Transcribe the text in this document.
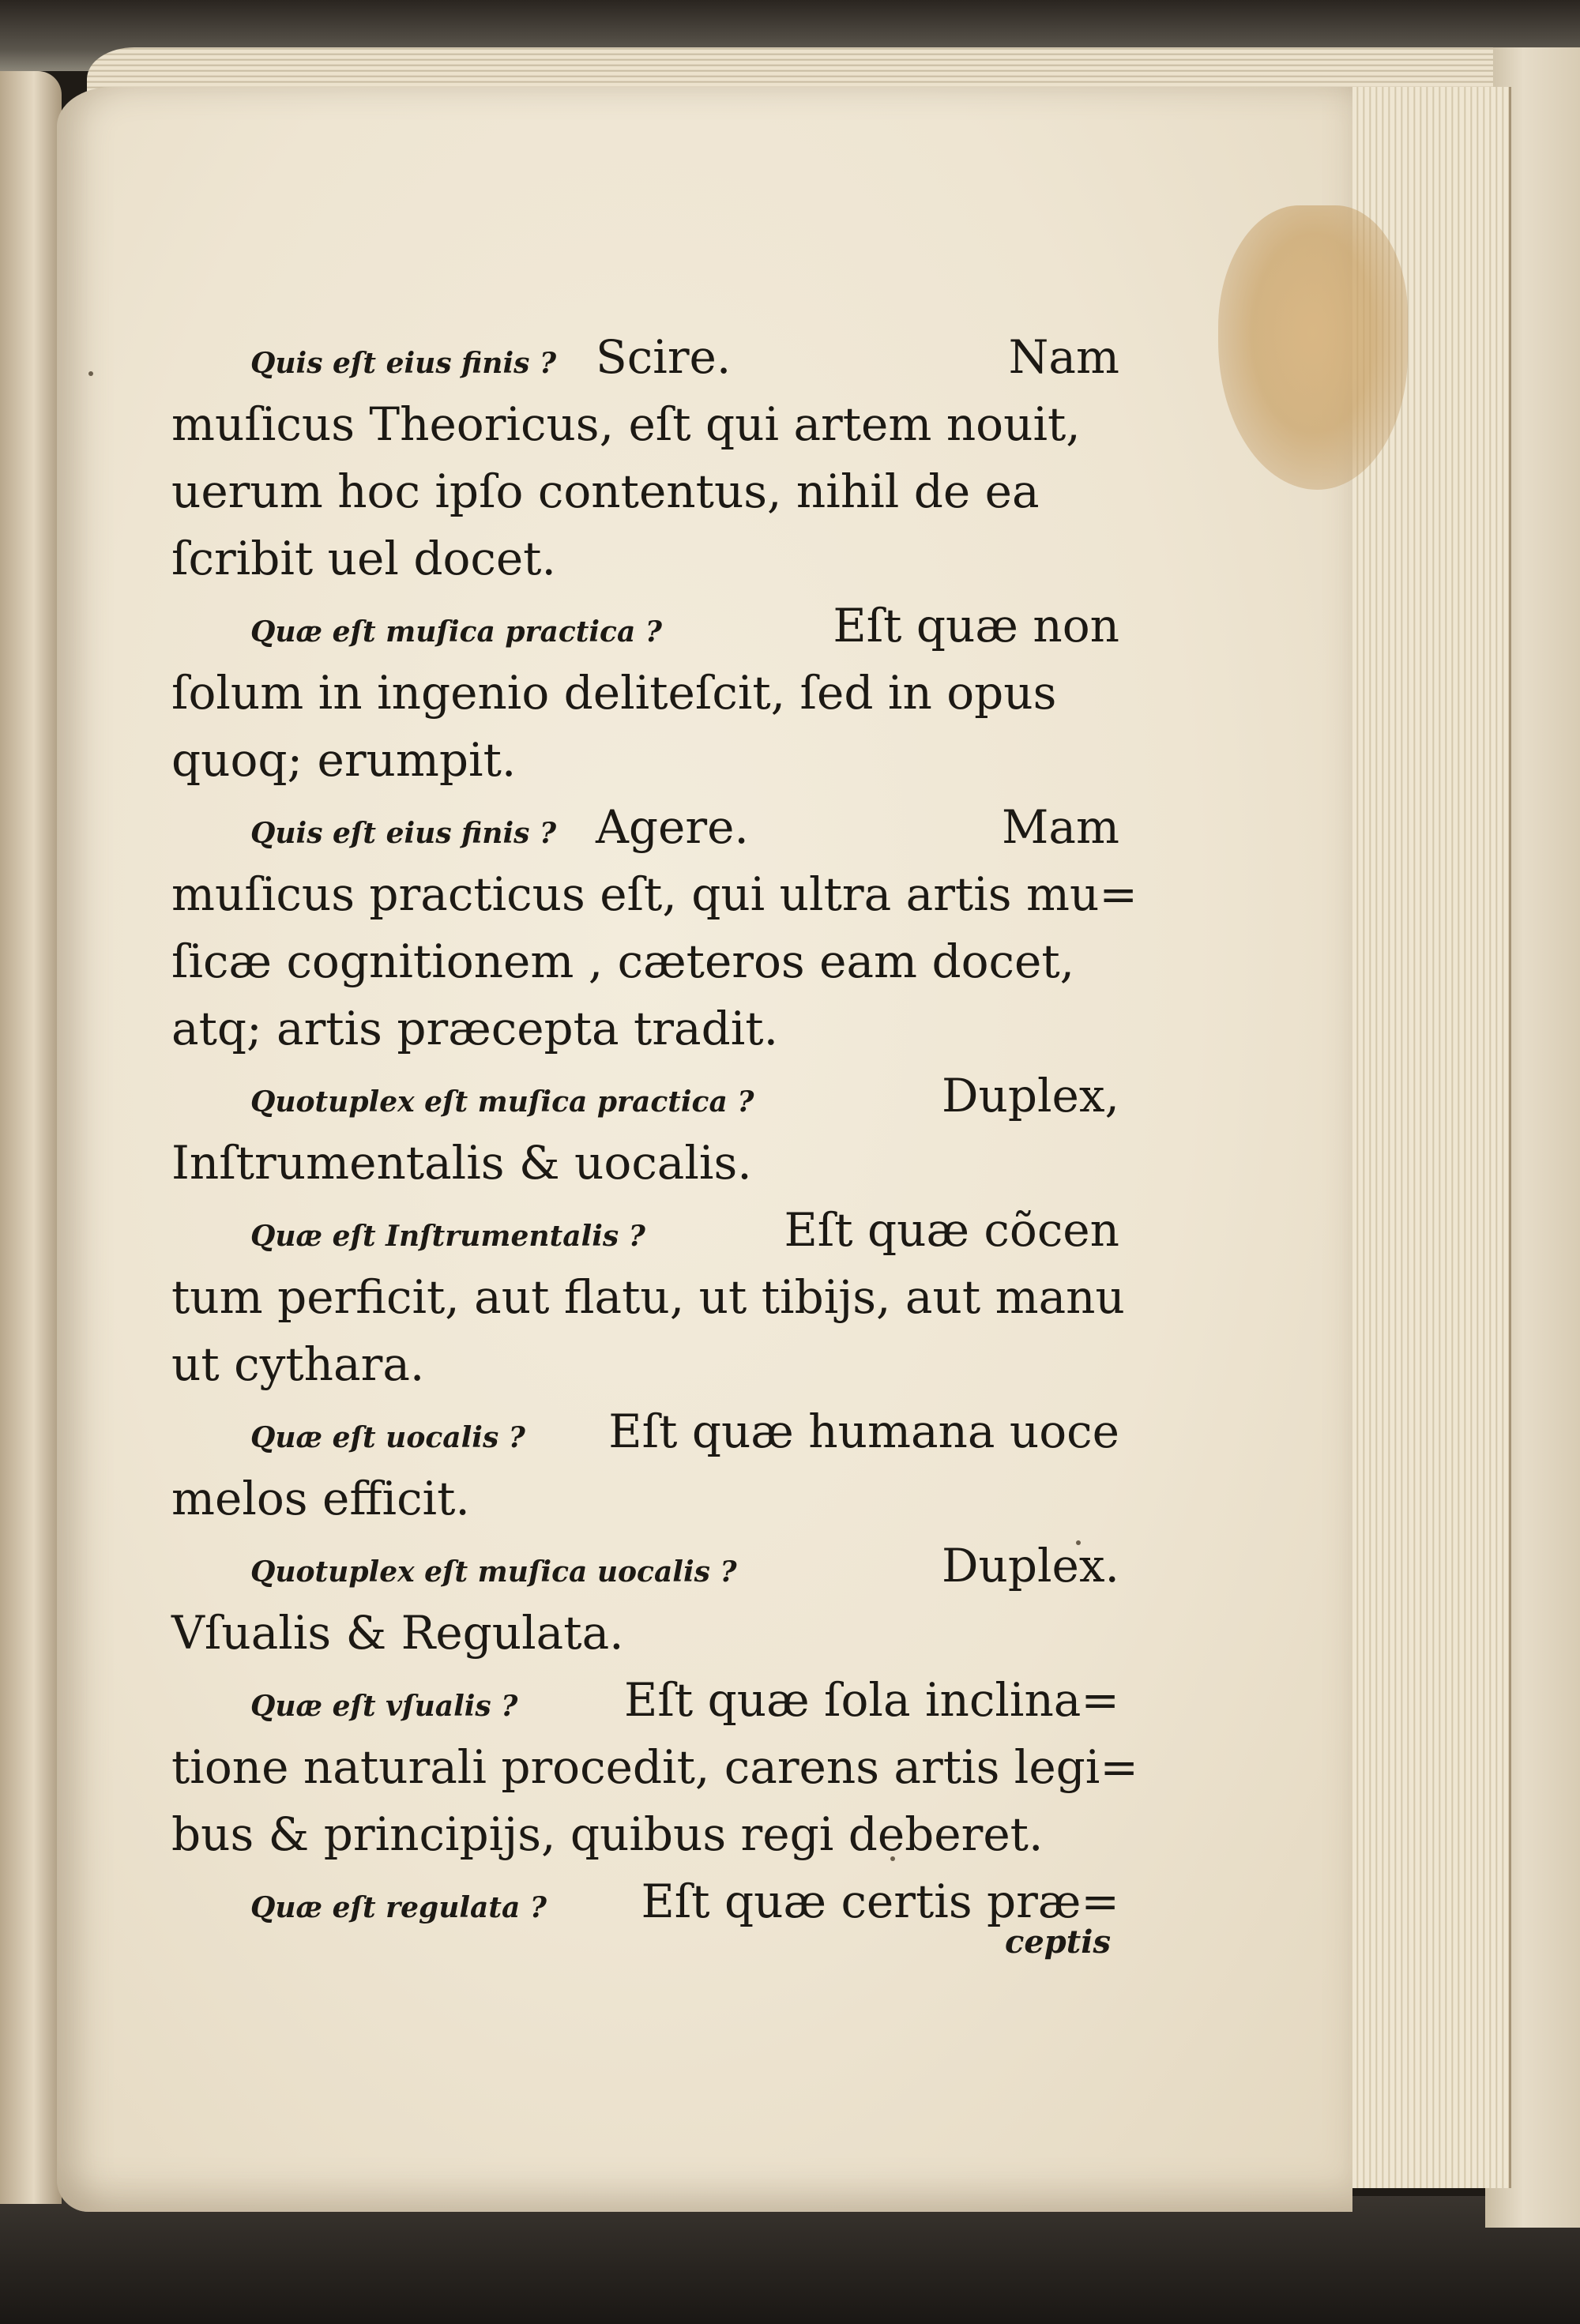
Quis eſt eius finis ? Scire.	Nam
muſicus Theoricus, eſt qui artem nouit,
uerum hoc ipſo contentus, nihil de ea
ſcribit uel docet.
Quæ eſt muſica practica ?	Eſt quæ non
ſolum in ingenio deliteſcit, ſed in opus
quoq; erumpit.
Quis eſt eius finis ? Agere.	Mam
muſicus practicus eſt, qui ultra artis mu=
ſicæ cognitionem , cæteros eam docet,
atq; artis præcepta tradit.
Quotuplex eſt muſica practica ?	Duplex,
Inſtrumentalis & uocalis.
Quæ eſt Inſtrumentalis ?	Eſt quæ cõcen
tum perficit, aut flatu, ut tibijs, aut manu
ut cythara.
Quæ eſt uocalis ? Eſt quæ humana uoce
melos efficit.
Quotuplex eſt muſica uocalis ?	Duplex.
Vſualis & Regulata.
Quæ eſt vſualis ? Eſt quæ ſola inclina=
tione naturali procedit, carens artis legi=
bus & principijs, quibus regi deberet.
Quæ eſt regulata ? Eſt quæ certis præ=
ceptis
